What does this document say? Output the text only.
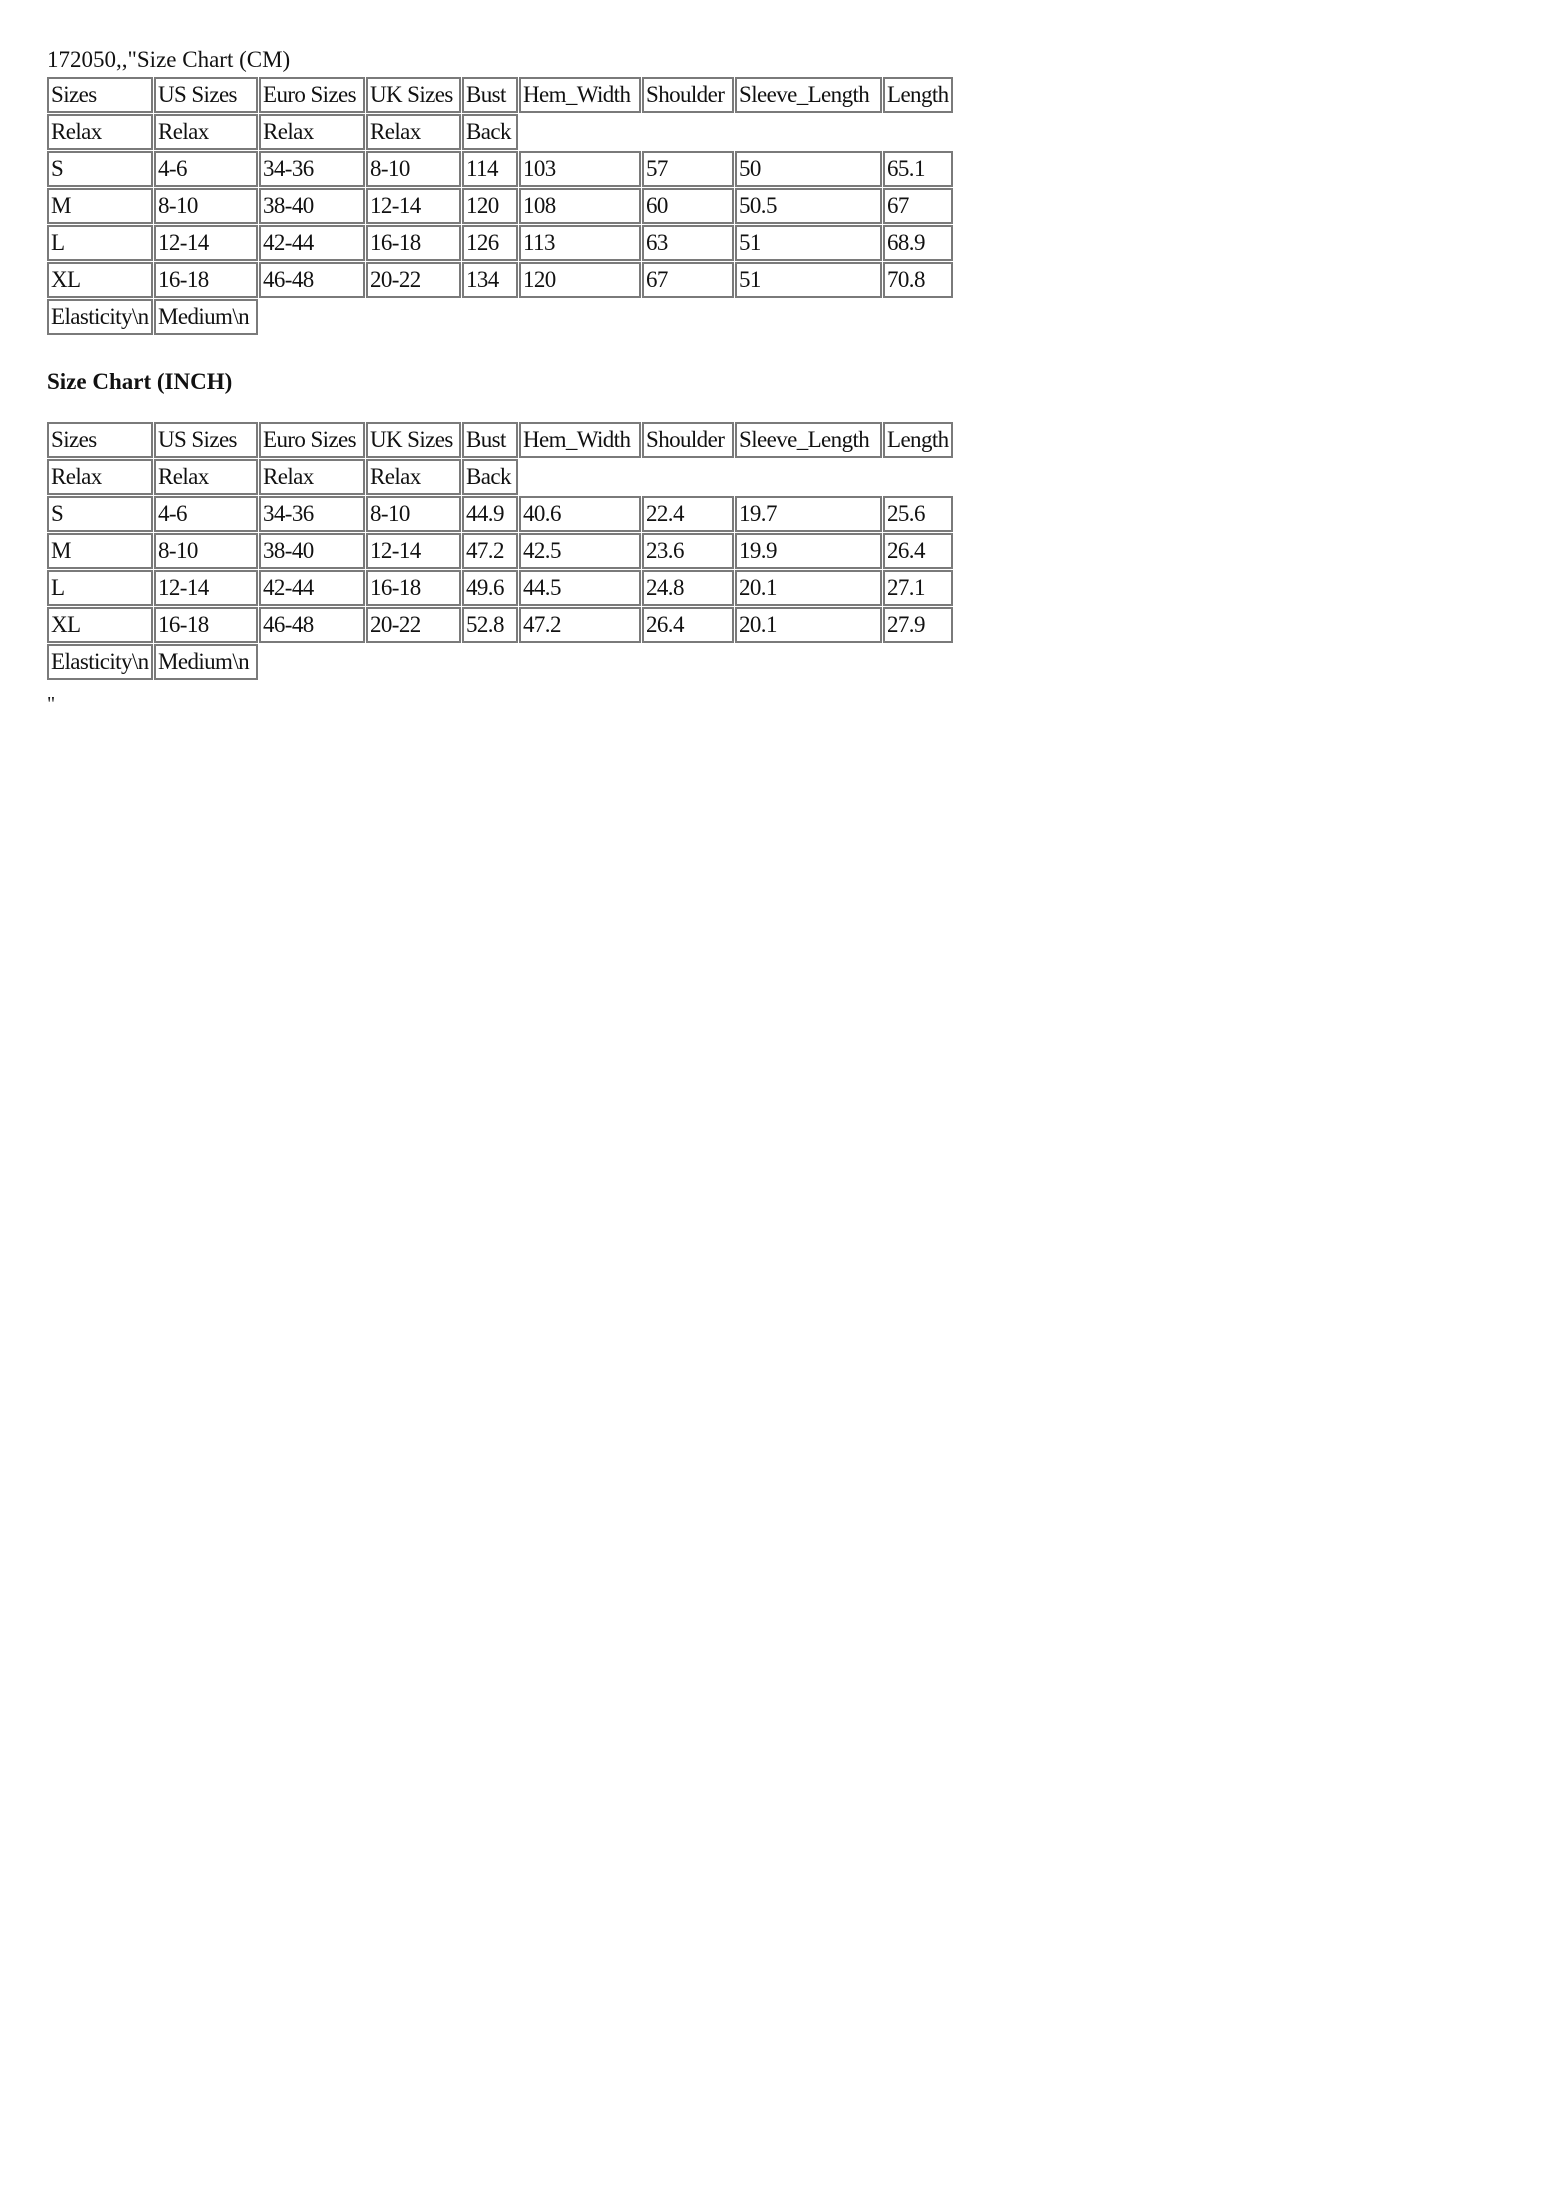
172050,,"Size Chart (CM)

Sizes	US Sizes	Euro Sizes	UK Sizes	Bust	Hem_Width	Shoulder	Sleeve_Length	Length
Relax	Relax	Relax	Relax	Back				
S	4-6	34-36	8-10	114	103	57	50	65.1
M	8-10	38-40	12-14	120	108	60	50.5	67
L	12-14	42-44	16-18	126	113	63	51	68.9
XL	16-18	46-48	20-22	134	120	67	51	70.8
Elasticity\n	Medium\n							

Size Chart (INCH)

Sizes	US Sizes	Euro Sizes	UK Sizes	Bust	Hem_Width	Shoulder	Sleeve_Length	Length
Relax	Relax	Relax	Relax	Back				
S	4-6	34-36	8-10	44.9	40.6	22.4	19.7	25.6
M	8-10	38-40	12-14	47.2	42.5	23.6	19.9	26.4
L	12-14	42-44	16-18	49.6	44.5	24.8	20.1	27.1
XL	16-18	46-48	20-22	52.8	47.2	26.4	20.1	27.9
Elasticity\n	Medium\n							
"
